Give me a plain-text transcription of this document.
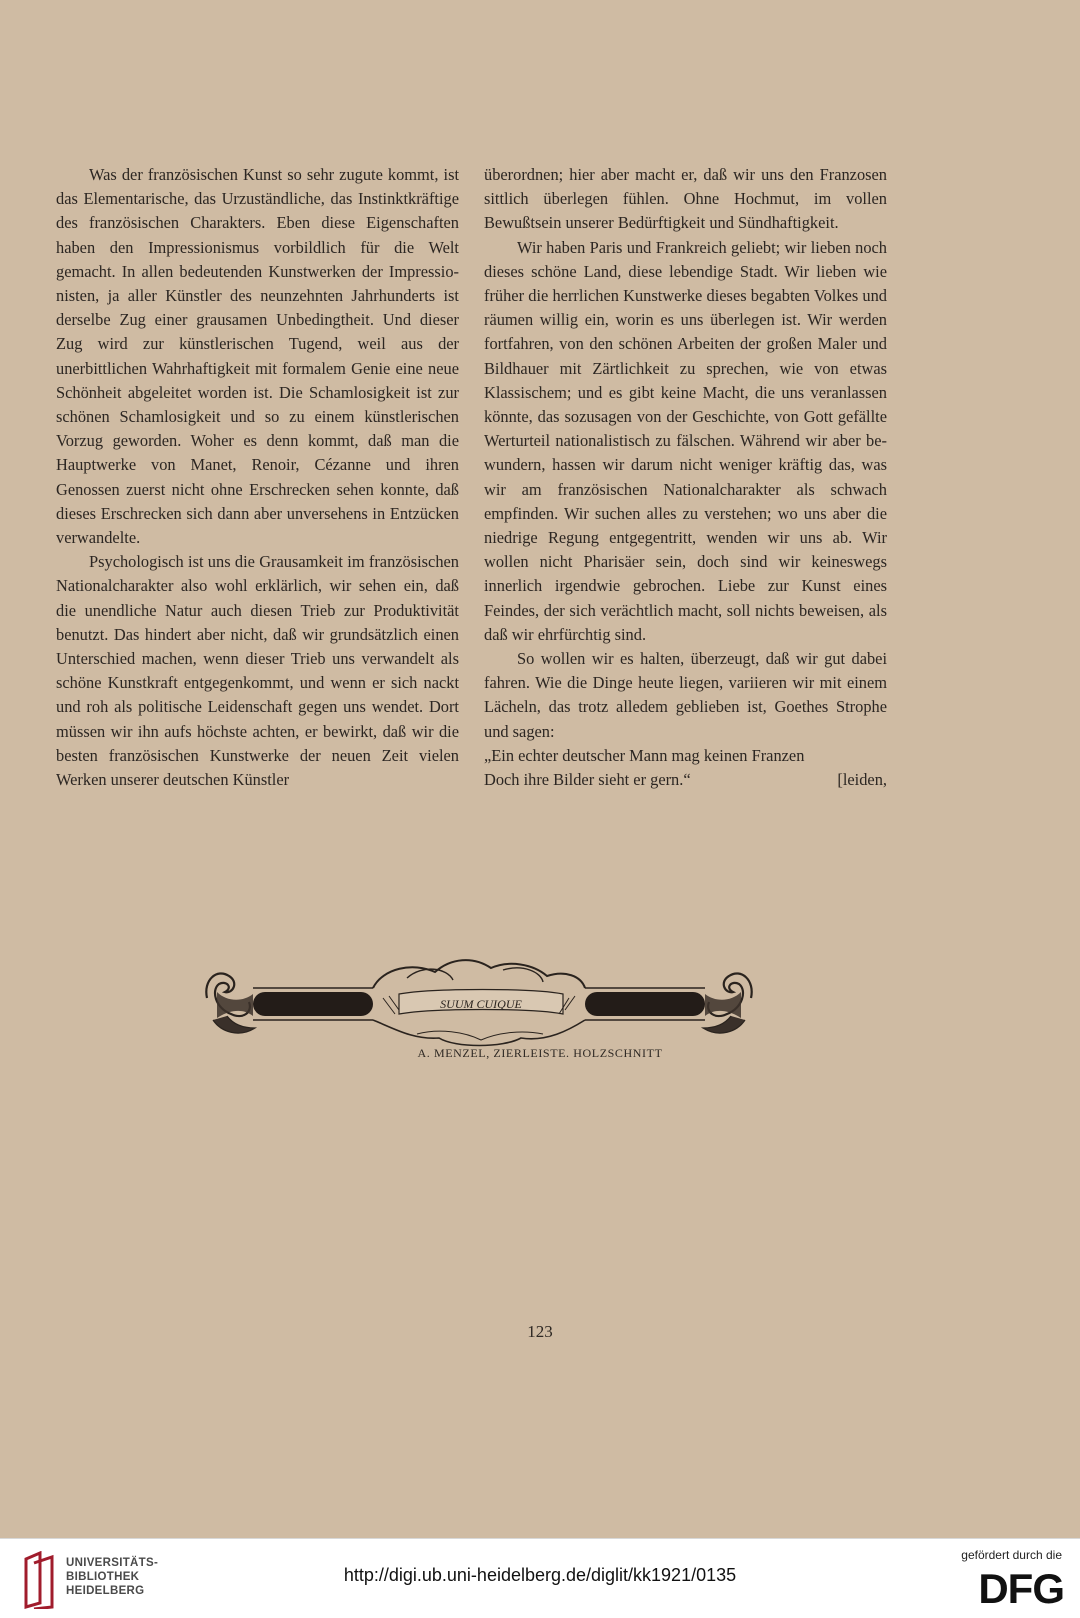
Was der französischen Kunst so sehr zugute kommt, ist das Elementarische, das Urzuständliche, das Instinktkräftige des französischen Charakters. Eben diese Eigenschaften haben den Impressionismus vorbildlich für die Welt gemacht. In allen bedeutenden Kunstwerken der Impressionisten, ja aller Künstler des neunzehnten Jahrhunderts ist derselbe Zug einer grausamen Unbedingtheit. Und dieser Zug wird zur künstlerischen Tugend, weil aus der unerbittlichen Wahrhaftigkeit mit formalem Genie eine neue Schönheit abgeleitet worden ist. Die Schamlosigkeit ist zur schönen Schamlosigkeit und so zu einem künstlerischen Vorzug geworden. Woher es denn kommt, daß man die Hauptwerke von Manet, Renoir, Cézanne und ihren Genossen zuerst nicht ohne Erschrecken sehen konnte, daß dieses Erschrecken sich dann aber unversehens in Entzücken verwandelte.

Psychologisch ist uns die Grausamkeit im französischen Nationalcharakter also wohl erklärlich, wir sehen ein, daß die unendliche Natur auch diesen Trieb zur Produktivität benutzt. Das hindert aber nicht, daß wir grundsätzlich einen Unterschied machen, wenn dieser Trieb uns verwandelt als schöne Kunstkraft entgegenkommt, und wenn er sich nackt und roh als politische Leidenschaft gegen uns wendet. Dort müssen wir ihn aufs höchste achten, er bewirkt, daß wir die besten französischen Kunstwerke der neuen Zeit vielen Werken unserer deutschen Künstler

überordnen; hier aber macht er, daß wir uns den Franzosen sittlich überlegen fühlen. Ohne Hochmut, im vollen Bewußtsein unserer Bedürftigkeit und Sündhaftigkeit.

Wir haben Paris und Frankreich geliebt; wir lieben noch dieses schöne Land, diese lebendige Stadt. Wir lieben wie früher die herrlichen Kunstwerke dieses begabten Volkes und räumen willig ein, worin es uns überlegen ist. Wir werden fortfahren, von den schönen Arbeiten der großen Maler und Bildhauer mit Zärtlichkeit zu sprechen, wie von etwas Klassischem; und es gibt keine Macht, die uns veranlassen könnte, das sozusagen von der Geschichte, von Gott gefällte Werturteil nationalistisch zu fälschen. Während wir aber bewundern, hassen wir darum nicht weniger kräftig das, was wir am französischen Nationalcharakter als schwach empfinden. Wir suchen alles zu verstehen; wo uns aber die niedrige Regung entgegentritt, wenden wir uns ab. Wir wollen nicht Pharisäer sein, doch sind wir keineswegs innerlich irgendwie gebrochen. Liebe zur Kunst eines Feindes, der sich verächtlich macht, soll nichts beweisen, als daß wir ehrfürchtig sind.

So wollen wir es halten, überzeugt, daß wir gut dabei fahren. Wie die Dinge heute liegen, variieren wir mit einem Lächeln, das trotz alledem geblieben ist, Goethes Strophe und sagen:

„Ein echter deutscher Mann mag keinen Franzen
Doch ihre Bilder sieht er gern.“	[leiden,
SUUM CUIQUE
A. MENZEL, ZIERLEISTE. HOLZSCHNITT
123
UNIVERSITÄTS-
BIBLIOTHEK
HEIDELBERG
http://digi.ub.uni-heidelberg.de/diglit/kk1921/0135
gefördert durch die
DFG
